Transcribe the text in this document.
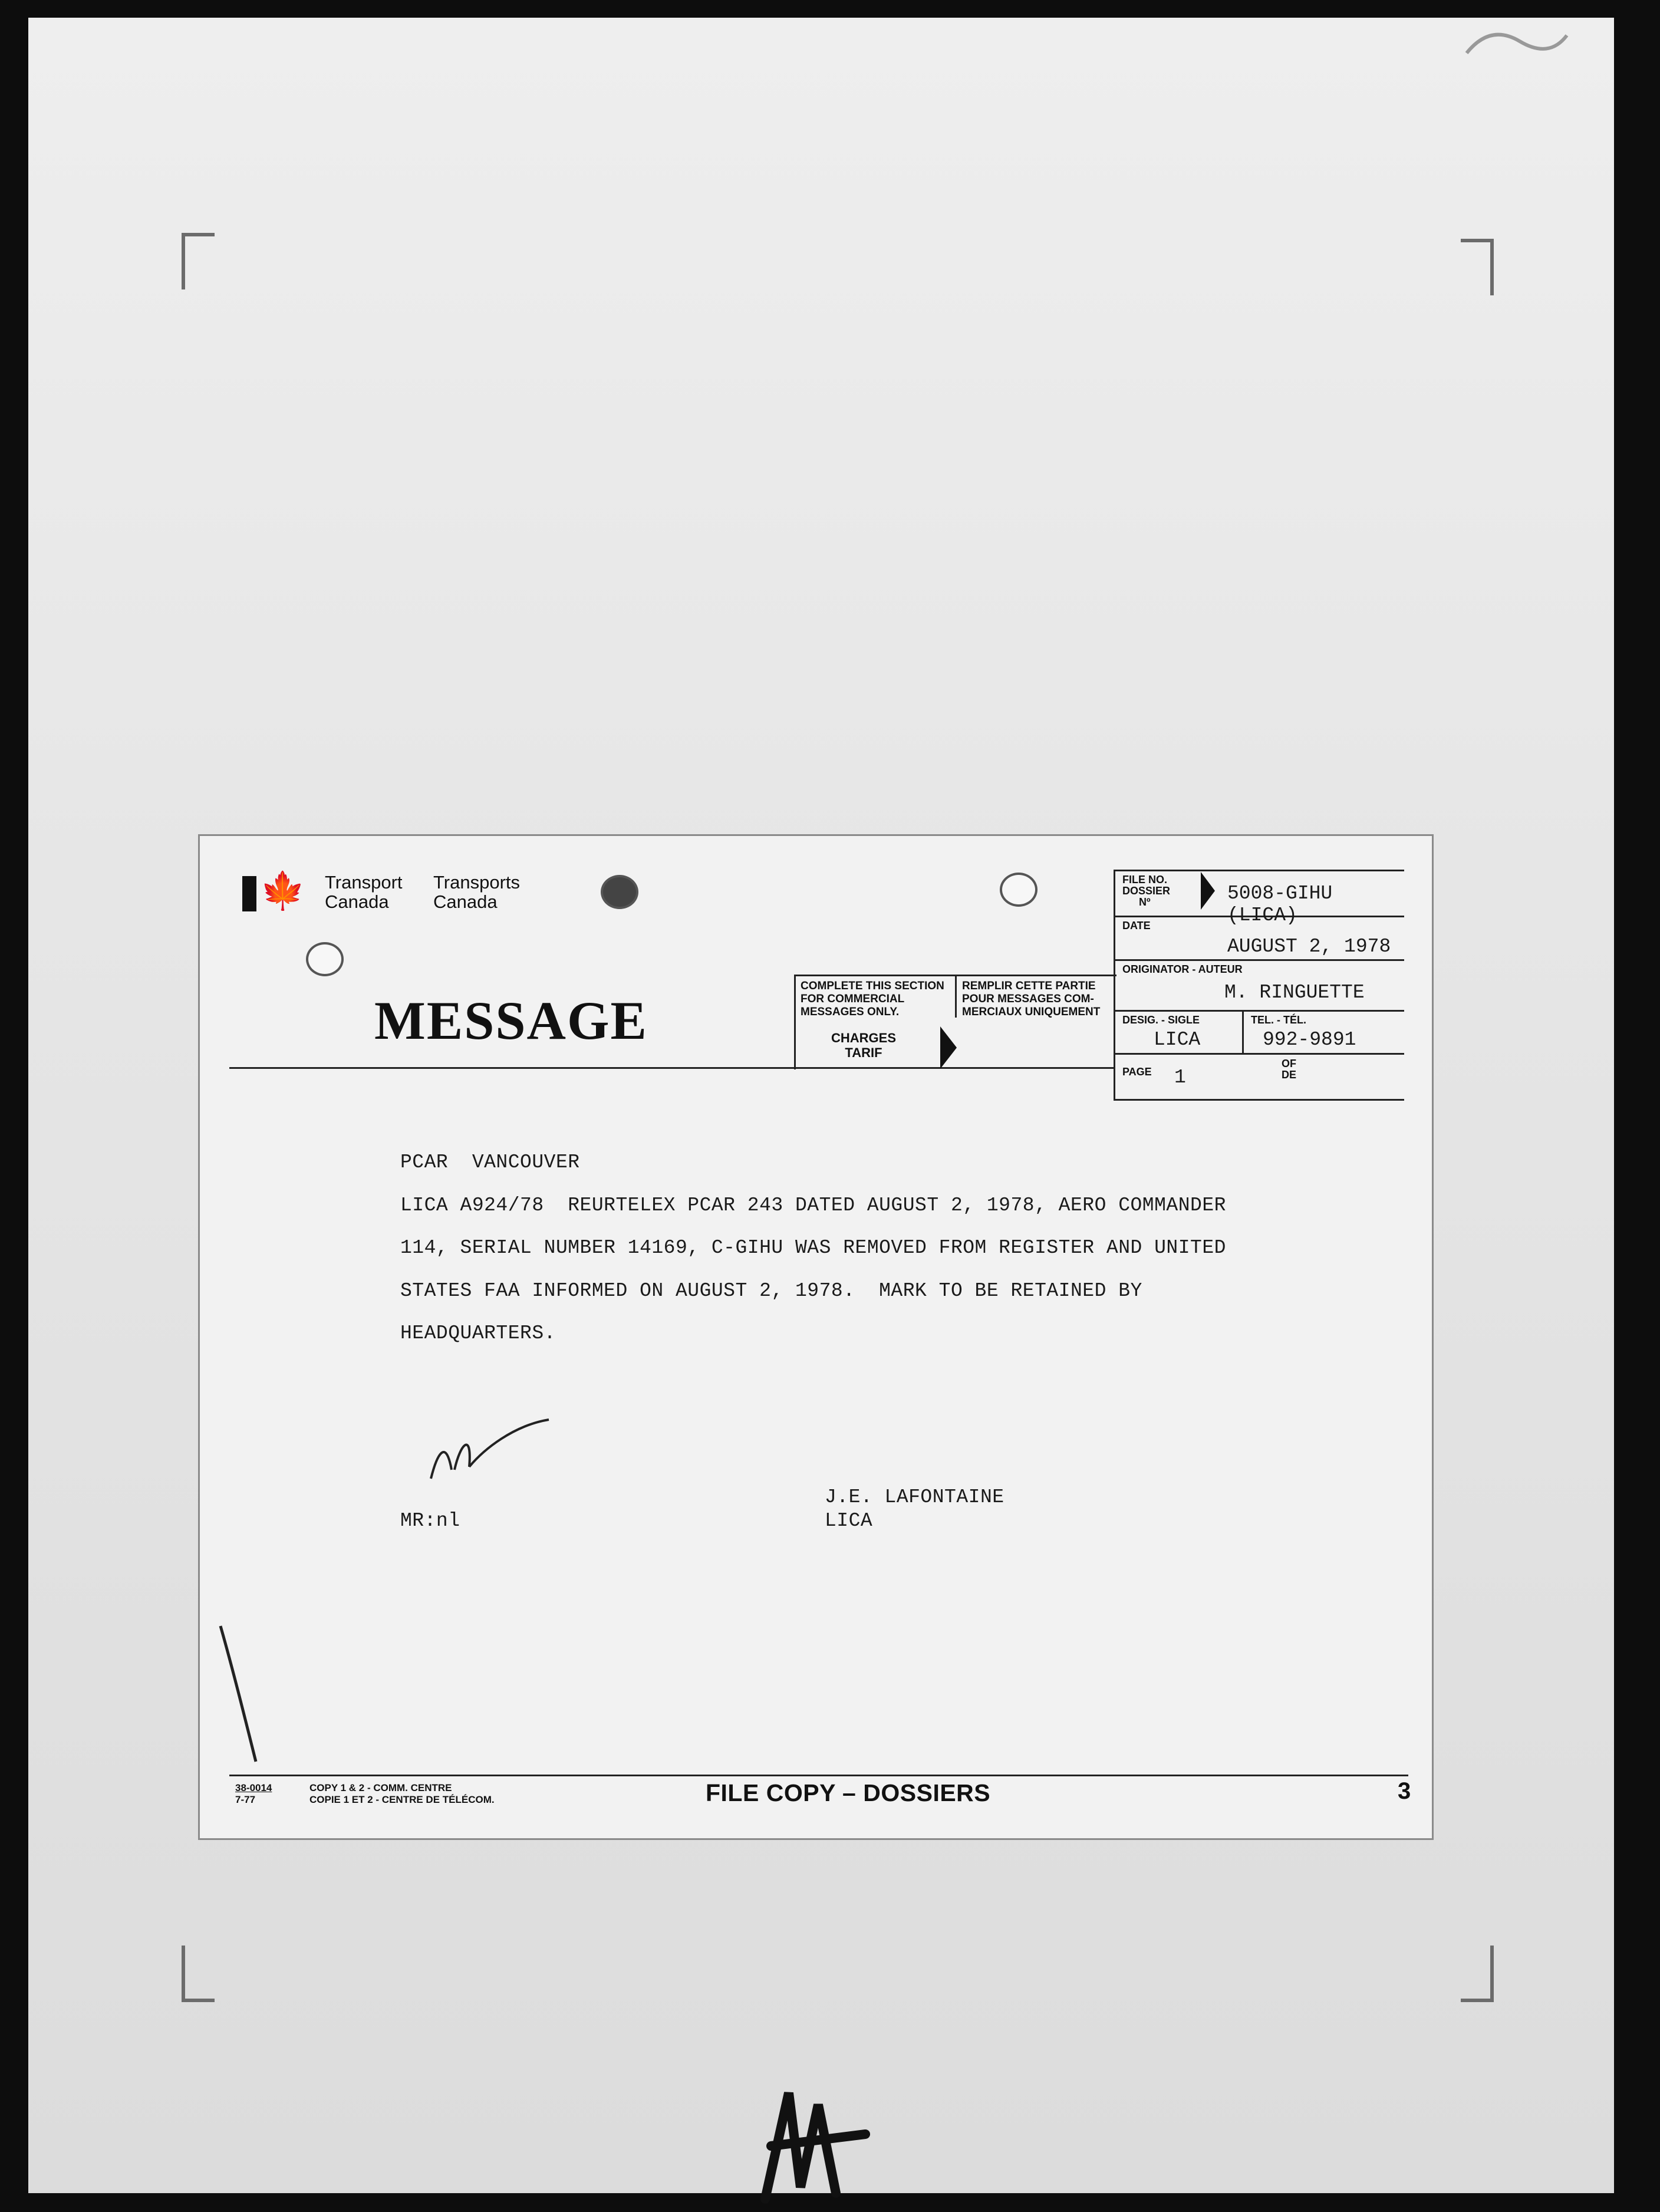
🍁 Transport
Canada
Transports
Canada
MESSAGE
COMPLETE THIS SECTION
FOR COMMERCIAL
MESSAGES ONLY.
REMPLIR CETTE PARTIE
POUR MESSAGES COM-
MERCIAUX UNIQUEMENT
CHARGES
TARIF
FILE NO.
DOSSIER
Nº	5008-GIHU (LICA)
DATE
AUGUST 2, 1978
ORIGINATOR - AUTEUR
M. RINGUETTE
DESIG. - SIGLE
LICA
TEL. - TÉL.
992-9891
PAGE 1
OF
DE
PCAR  VANCOUVER
LICA A924/78  REURTELEX PCAR 243 DATED AUGUST 2, 1978, AERO COMMANDER
114, SERIAL NUMBER 14169, C-GIHU WAS REMOVED FROM REGISTER AND UNITED
STATES FAA INFORMED ON AUGUST 2, 1978.  MARK TO BE RETAINED BY
HEADQUARTERS.
J.E. LAFONTAINE
LICA
MR:nl
38-0014
7-77
COPY 1 & 2 - COMM. CENTRE
COPIE 1 ET 2 - CENTRE DE TÉLÉCOM.	FILE COPY – DOSSIERS	3
